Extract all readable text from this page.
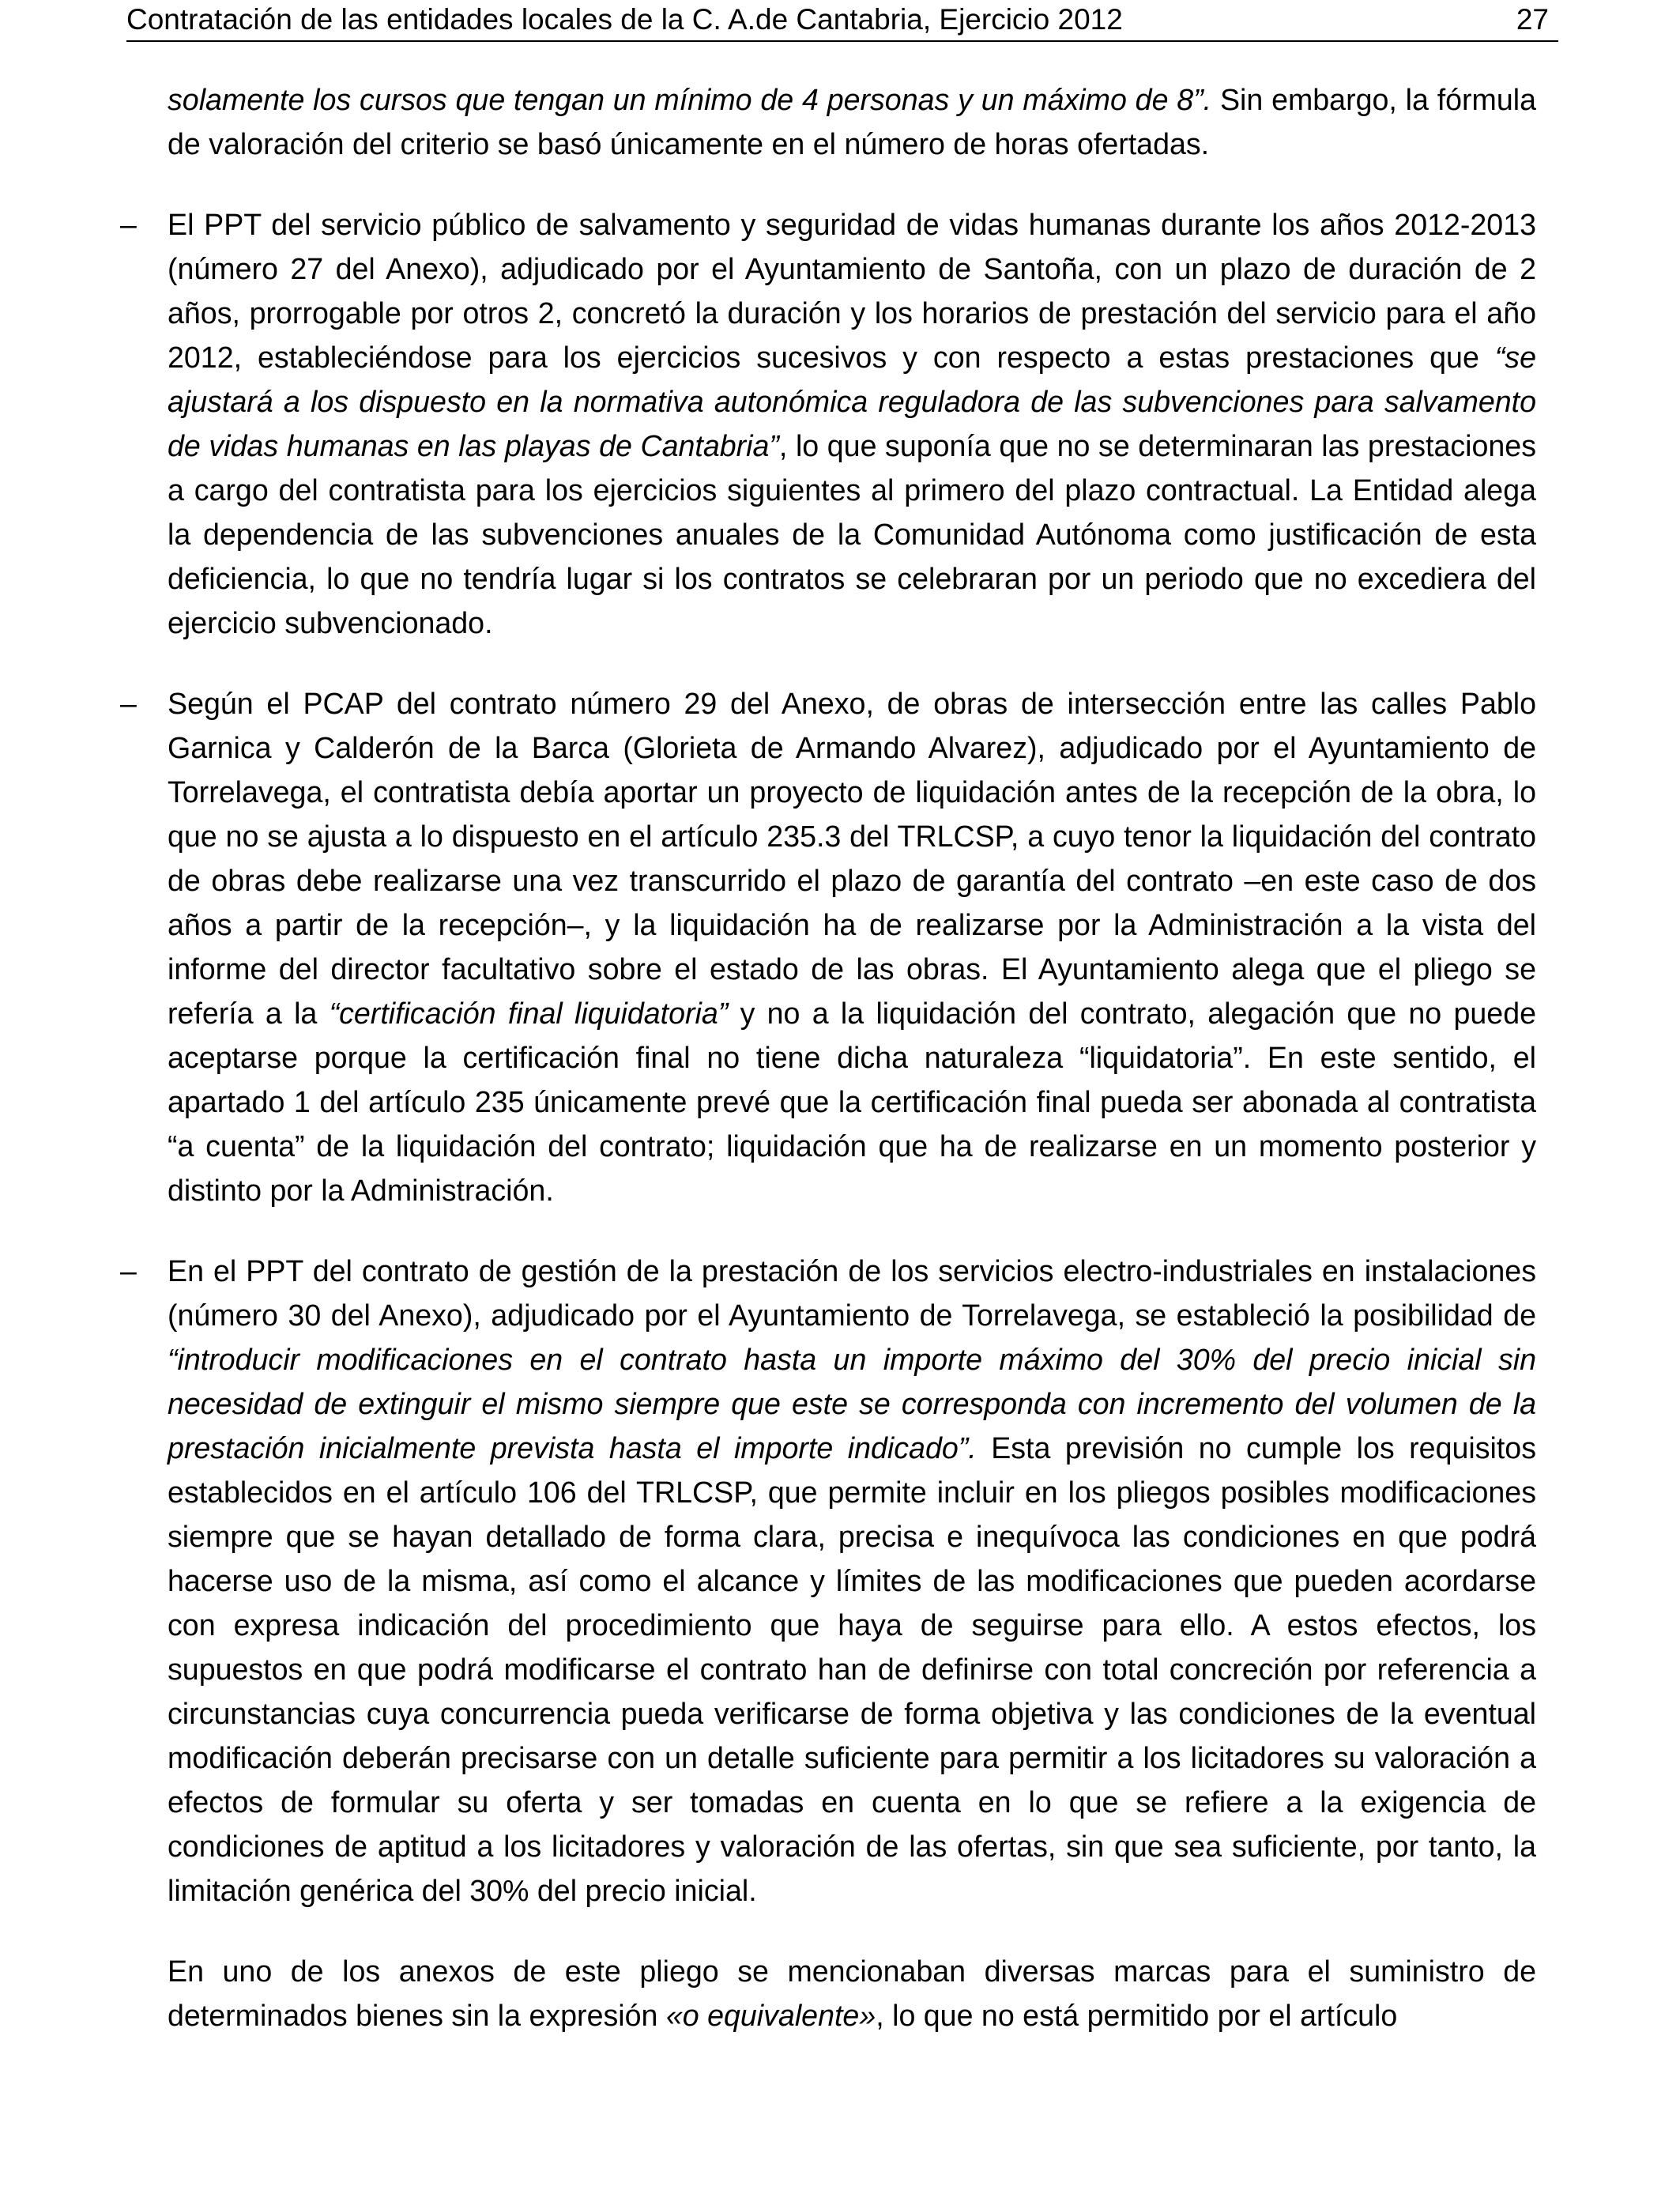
Contratación de las entidades locales de la C. A.de Cantabria, Ejercicio 2012	27

solamente los cursos que tengan un mínimo de 4 personas y un máximo de 8”. Sin embargo, la fórmula de valoración del criterio se basó únicamente en el número de horas ofertadas.

– El PPT del servicio público de salvamento y seguridad de vidas humanas durante los años 2012-2013 (número 27 del Anexo), adjudicado por el Ayuntamiento de Santoña, con un plazo de duración de 2 años, prorrogable por otros 2, concretó la duración y los horarios de prestación del servicio para el año 2012, estableciéndose para los ejercicios sucesivos y con respecto a estas prestaciones que “se ajustará a los dispuesto en la normativa autonómica reguladora de las subvenciones para salvamento de vidas humanas en las playas de Cantabria”, lo que suponía que no se determinaran las prestaciones a cargo del contratista para los ejercicios siguientes al primero del plazo contractual. La Entidad alega la dependencia de las subvenciones anuales de la Comunidad Autónoma como justificación de esta deficiencia, lo que no tendría lugar si los contratos se celebraran por un periodo que no excediera del ejercicio subvencionado.

– Según el PCAP del contrato número 29 del Anexo, de obras de intersección entre las calles Pablo Garnica y Calderón de la Barca (Glorieta de Armando Alvarez), adjudicado por el Ayuntamiento de Torrelavega, el contratista debía aportar un proyecto de liquidación antes de la recepción de la obra, lo que no se ajusta a lo dispuesto en el artículo 235.3 del TRLCSP, a cuyo tenor la liquidación del contrato de obras debe realizarse una vez transcurrido el plazo de garantía del contrato –en este caso de dos años a partir de la recepción–, y la liquidación ha de realizarse por la Administración a la vista del informe del director facultativo sobre el estado de las obras. El Ayuntamiento alega que el pliego se refería a la “certificación final liquidatoria” y no a la liquidación del contrato, alegación que no puede aceptarse porque la certificación final no tiene dicha naturaleza “liquidatoria”. En este sentido, el apartado 1 del artículo 235 únicamente prevé que la certificación final pueda ser abonada al contratista “a cuenta” de la liquidación del contrato; liquidación que ha de realizarse en un momento posterior y distinto por la Administración.

– En el PPT del contrato de gestión de la prestación de los servicios electro-industriales en instalaciones (número 30 del Anexo), adjudicado por el Ayuntamiento de Torrelavega, se estableció la posibilidad de “introducir modificaciones en el contrato hasta un importe máximo del 30% del precio inicial sin necesidad de extinguir el mismo siempre que este se corresponda con incremento del volumen de la prestación inicialmente prevista hasta el importe indicado”. Esta previsión no cumple los requisitos establecidos en el artículo 106 del TRLCSP, que permite incluir en los pliegos posibles modificaciones siempre que se hayan detallado de forma clara, precisa e inequívoca las condiciones en que podrá hacerse uso de la misma, así como el alcance y límites de las modificaciones que pueden acordarse con expresa indicación del procedimiento que haya de seguirse para ello. A estos efectos, los supuestos en que podrá modificarse el contrato han de definirse con total concreción por referencia a circunstancias cuya concurrencia pueda verificarse de forma objetiva y las condiciones de la eventual modificación deberán precisarse con un detalle suficiente para permitir a los licitadores su valoración a efectos de formular su oferta y ser tomadas en cuenta en lo que se refiere a la exigencia de condiciones de aptitud a los licitadores y valoración de las ofertas, sin que sea suficiente, por tanto, la limitación genérica del 30% del precio inicial.

En uno de los anexos de este pliego se mencionaban diversas marcas para el suministro de determinados bienes sin la expresión «o equivalente», lo que no está permitido por el artículo
